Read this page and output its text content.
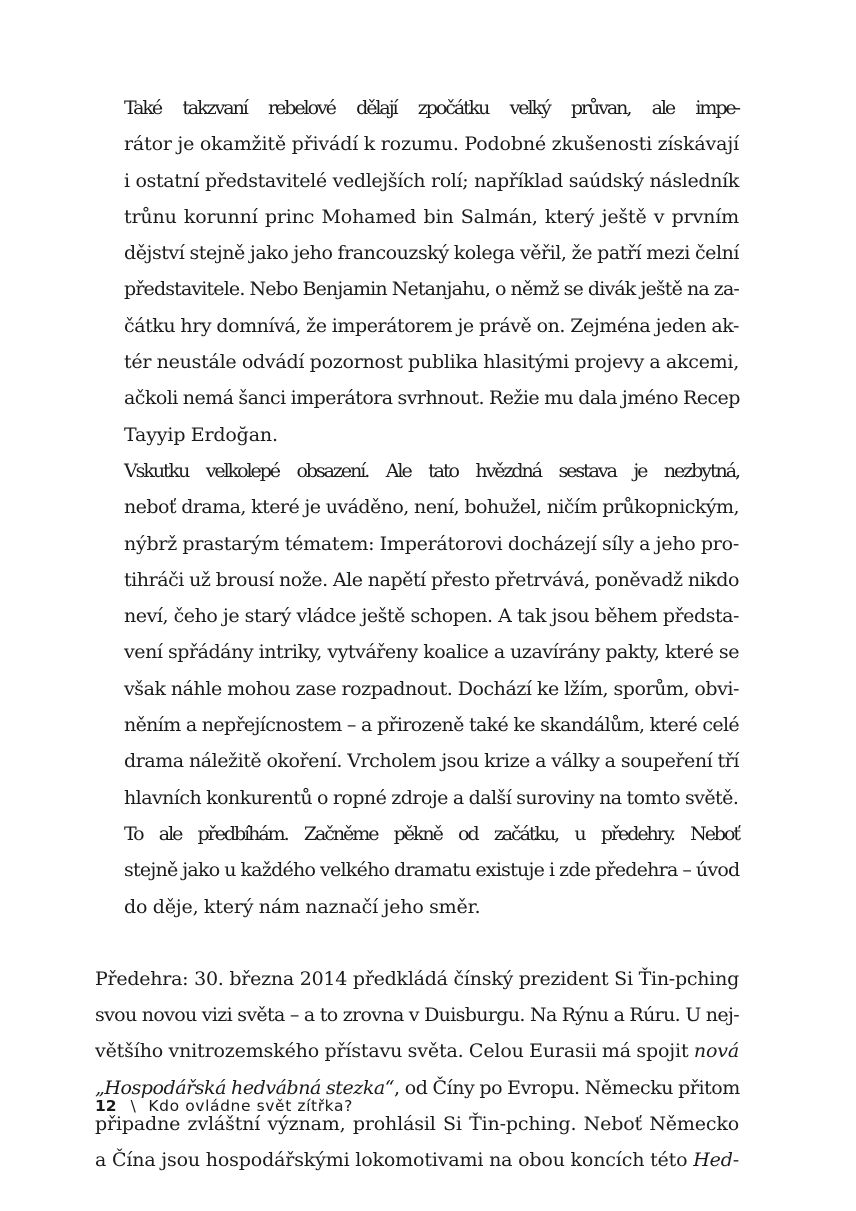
Také takzvaní rebelové dělají zpočátku velký průvan, ale impe-
rátor je okamžitě přivádí k rozumu. Podobné zkušenosti získávají
i ostatní představitelé vedlejších rolí; například saúdský následník
trůnu korunní princ Mohamed bin Salmán, který ještě v prvním
dějství stejně jako jeho francouzský kolega věřil, že patří mezi čelní
představitele. Nebo Benjamin Netanjahu, o němž se divák ještě na za-
čátku hry domnívá, že imperátorem je právě on. Zejména jeden ak-
tér neustále odvádí pozornost publika hlasitými projevy a akcemi,
ačkoli nemá šanci imperátora svrhnout. Režie mu dala jméno Recep
Tayyip Erdoğan.
Vskutku velkolepé obsazení. Ale tato hvězdná sestava je nezbytná,
neboť drama, které je uváděno, není, bohužel, ničím průkopnickým,
nýbrž prastarým tématem: Imperátorovi docházejí síly a jeho pro-
tihráči už brousí nože. Ale napětí přesto přetrvává, poněvadž nikdo
neví, čeho je starý vládce ještě schopen. A tak jsou během předsta-
vení spřádány intriky, vytvářeny koalice a uzavírány pakty, které se
však náhle mohou zase rozpadnout. Dochází ke lžím, sporům, obvi-
něním a nepřejícnostem – a přirozeně také ke skandálům, které celé
drama náležitě okoření. Vrcholem jsou krize a války a soupeření tří
hlavních konkurentů o ropné zdroje a další suroviny na tomto světě.
To ale předbíhám. Začněme pěkně od začátku, u předehry. Neboť
stejně jako u každého velkého dramatu existuje i zde předehra – úvod
do děje, který nám naznačí jeho směr.
Předehra: 30. března 2014 předkládá čínský prezident Si Ťin-pching
svou novou vizi světa – a to zrovna v Duisburgu. Na Rýnu a Rúru. U nej-
většího vnitrozemského přístavu světa. Celou Eurasii má spojit nová
„Hospodářská hedvábná stezka“, od Číny po Evropu. Německu přitom
připadne zvláštní význam, prohlásil Si Ťin-pching. Neboť Německo
a Čína jsou hospodářskými lokomotivami na obou koncích této Hed-
12 \ Kdo ovládne svět zítřka?
